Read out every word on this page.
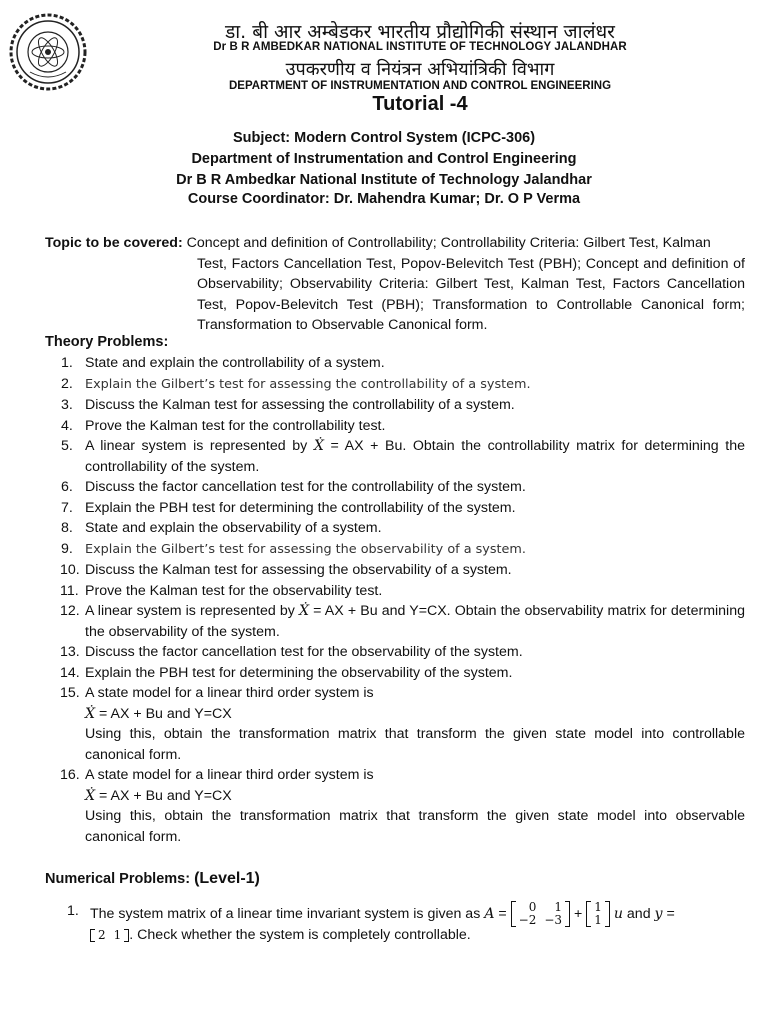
डा. बी आर अम्बेडकर भारतीय प्रौद्योगिकी संस्थान जालंधर
Dr B R AMBEDKAR NATIONAL INSTITUTE OF TECHNOLOGY JALANDHAR
उपकरणीय व नियंत्रन अभियांत्रिकी विभाग
DEPARTMENT OF INSTRUMENTATION AND CONTROL ENGINEERING
Tutorial -4
Subject: Modern Control System (ICPC-306)
Department of Instrumentation and Control Engineering
Dr B R Ambedkar National Institute of Technology Jalandhar
Course Coordinator: Dr. Mahendra Kumar; Dr. O P Verma
Topic to be covered: Concept and definition of Controllability; Controllability Criteria: Gilbert Test, Kalman
Test, Factors Cancellation Test, Popov-Belevitch Test (PBH); Concept and definition of Observability; Observability Criteria: Gilbert Test, Kalman Test, Factors Cancellation Test, Popov-Belevitch Test (PBH); Transformation to Controllable Canonical form; Transformation to Observable Canonical form.
Theory Problems:
1. State and explain the controllability of a system.
2. Explain the Gilbert’s test for assessing the controllability of a system.
3. Discuss the Kalman test for assessing the controllability of a system.
4. Prove the Kalman test for the controllability test.
5. A linear system is represented by Ẋ = AX + Bu. Obtain the controllability matrix for determining the controllability of the system.
6. Discuss the factor cancellation test for the controllability of the system.
7. Explain the PBH test for determining the controllability of the system.
8. State and explain the observability of a system.
9. Explain the Gilbert’s test for assessing the observability of a system.
10. Discuss the Kalman test for assessing the observability of a system.
11. Prove the Kalman test for the observability test.
12. A linear system is represented by Ẋ = AX + Bu and Y=CX. Obtain the observability matrix for determining the observability of the system.
13. Discuss the factor cancellation test for the observability of the system.
14. Explain the PBH test for determining the observability of the system.
15. A state model for a linear third order system is
Ẋ = AX + Bu and Y=CX
Using this, obtain the transformation matrix that transform the given state model into controllable canonical form.
16. A state model for a linear third order system is
Ẋ = AX + Bu and Y=CX
Using this, obtain the transformation matrix that transform the given state model into observable canonical form.
Numerical Problems: (Level-1)
1. The system matrix of a linear time invariant system is given as A = 0	1
−2	−3 + 1
1 u and y =
2	1 . Check whether the system is completely controllable.
